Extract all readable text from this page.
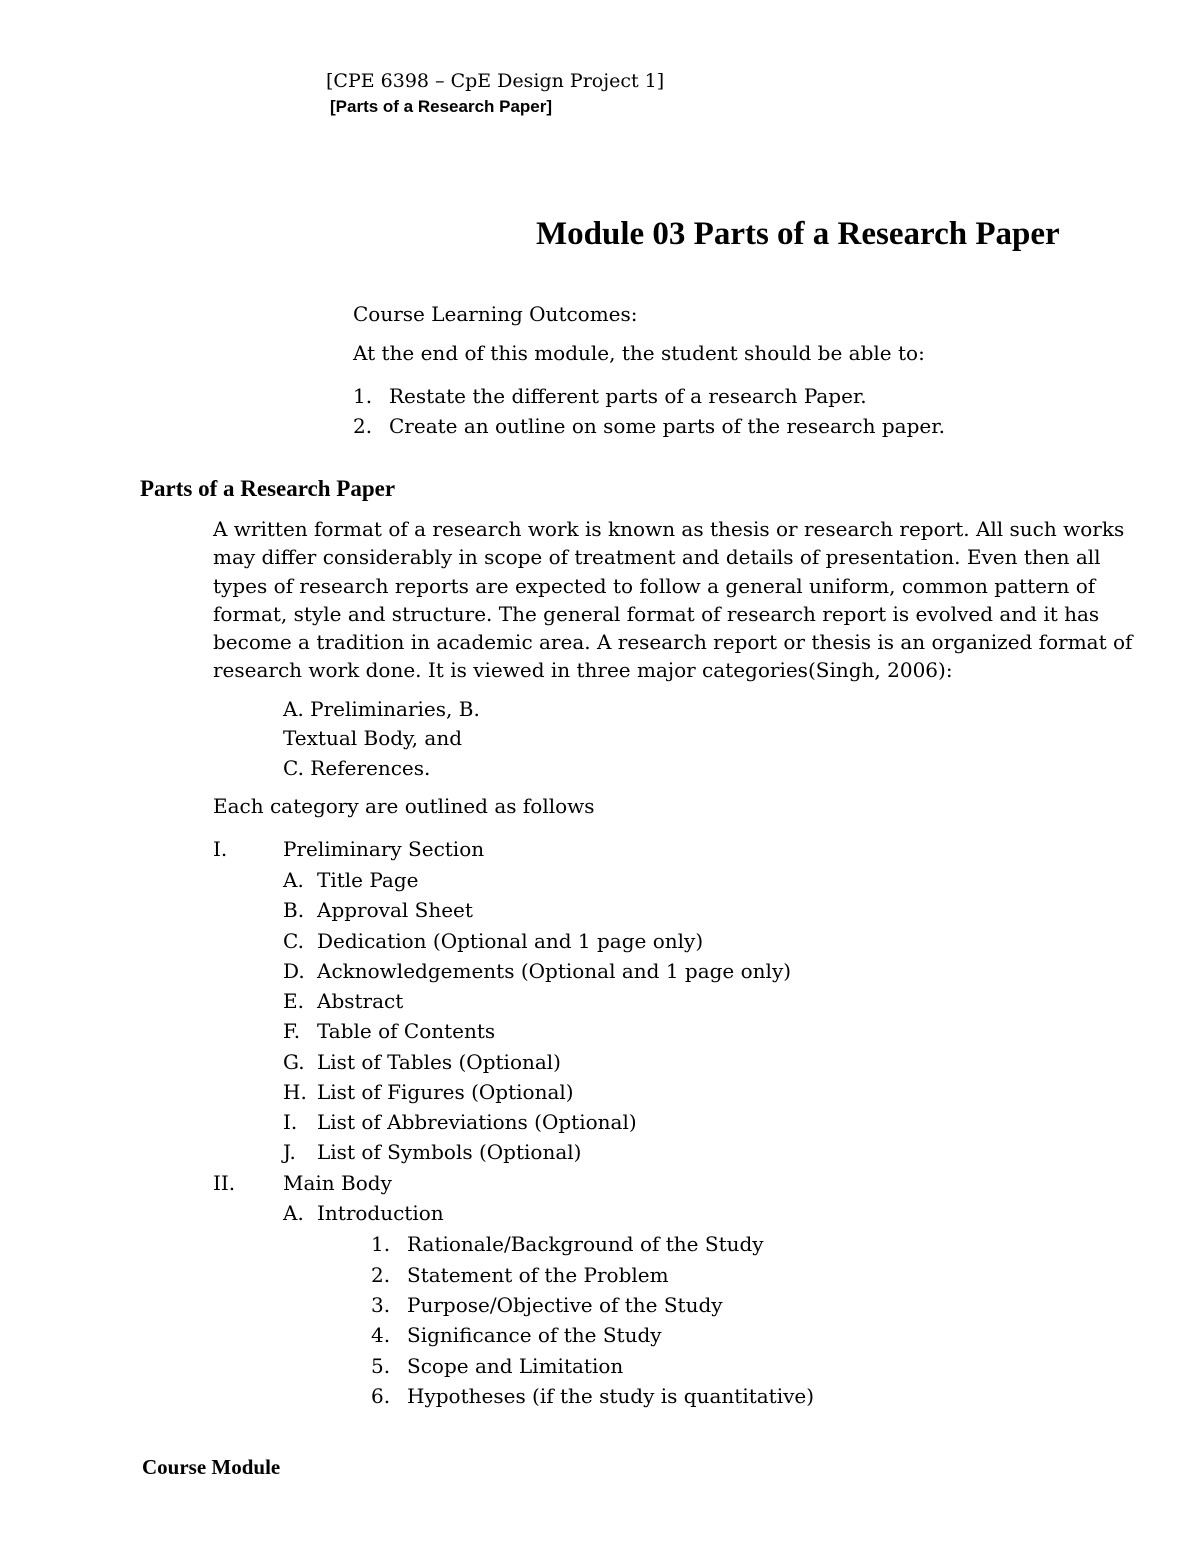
[CPE 6398 – CpE Design Project 1]
[Parts of a Research Paper]
Module 03 Parts of a Research Paper
Course Learning Outcomes:
At the end of this module, the student should be able to:
1. Restate the different parts of a research Paper.
2. Create an outline on some parts of the research paper.
Parts of a Research Paper
A written format of a research work is known as thesis or research report. All such works may differ considerably in scope of treatment and details of presentation. Even then all types of research reports are expected to follow a general uniform, common pattern of format, style and structure. The general format of research report is evolved and it has become a tradition in academic area. A research report or thesis is an organized format of research work done. It is viewed in three major categories(Singh, 2006):
A. Preliminaries, B.
Textual Body, and
C. References.
Each category are outlined as follows
I.	Preliminary Section
A. Title Page
B. Approval Sheet
C. Dedication (Optional and 1 page only)
D. Acknowledgements (Optional and 1 page only)
E. Abstract
F. Table of Contents
G. List of Tables (Optional)
H. List of Figures (Optional)
I. List of Abbreviations (Optional)
J. List of Symbols (Optional)
II. Main Body
A. Introduction
1. Rationale/Background of the Study
2. Statement of the Problem
3. Purpose/Objective of the Study
4. Significance of the Study
5. Scope and Limitation
6. Hypotheses (if the study is quantitative)
Course Module
